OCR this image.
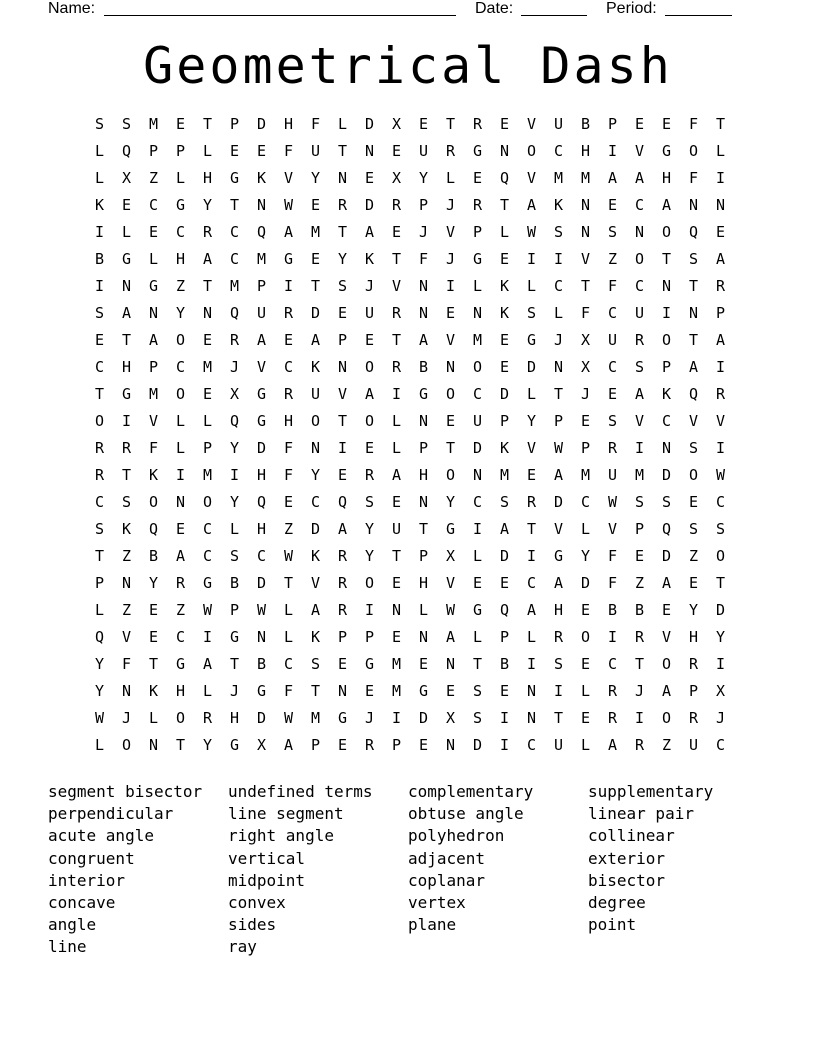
Name:	Date:	Period:
Geometrical Dash
S	S	M	E	T	P	D	H	F	L	D	X	E	T	R	E	V	U	B	P	E	E	F	T
L	Q	P	P	L	E	E	F	U	T	N	E	U	R	G	N	O	C	H	I	V	G	O	L
L	X	Z	L	H	G	K	V	Y	N	E	X	Y	L	E	Q	V	M	M	A	A	H	F	I
K	E	C	G	Y	T	N	W	E	R	D	R	P	J	R	T	A	K	N	E	C	A	N	N
I	L	E	C	R	C	Q	A	M	T	A	E	J	V	P	L	W	S	N	S	N	O	Q	E
B	G	L	H	A	C	M	G	E	Y	K	T	F	J	G	E	I	I	V	Z	O	T	S	A
I	N	G	Z	T	M	P	I	T	S	J	V	N	I	L	K	L	C	T	F	C	N	T	R
S	A	N	Y	N	Q	U	R	D	E	U	R	N	E	N	K	S	L	F	C	U	I	N	P
E	T	A	O	E	R	A	E	A	P	E	T	A	V	M	E	G	J	X	U	R	O	T	A
C	H	P	C	M	J	V	C	K	N	O	R	B	N	O	E	D	N	X	C	S	P	A	I
T	G	M	O	E	X	G	R	U	V	A	I	G	O	C	D	L	T	J	E	A	K	Q	R
O	I	V	L	L	Q	G	H	O	T	O	L	N	E	U	P	Y	P	E	S	V	C	V	V
R	R	F	L	P	Y	D	F	N	I	E	L	P	T	D	K	V	W	P	R	I	N	S	I
R	T	K	I	M	I	H	F	Y	E	R	A	H	O	N	M	E	A	M	U	M	D	O	W
C	S	O	N	O	Y	Q	E	C	Q	S	E	N	Y	C	S	R	D	C	W	S	S	E	C
S	K	Q	E	C	L	H	Z	D	A	Y	U	T	G	I	A	T	V	L	V	P	Q	S	S
T	Z	B	A	C	S	C	W	K	R	Y	T	P	X	L	D	I	G	Y	F	E	D	Z	O
P	N	Y	R	G	B	D	T	V	R	O	E	H	V	E	E	C	A	D	F	Z	A	E	T
L	Z	E	Z	W	P	W	L	A	R	I	N	L	W	G	Q	A	H	E	B	B	E	Y	D
Q	V	E	C	I	G	N	L	K	P	P	E	N	A	L	P	L	R	O	I	R	V	H	Y
Y	F	T	G	A	T	B	C	S	E	G	M	E	N	T	B	I	S	E	C	T	O	R	I
Y	N	K	H	L	J	G	F	T	N	E	M	G	E	S	E	N	I	L	R	J	A	P	X
W	J	L	O	R	H	D	W	M	G	J	I	D	X	S	I	N	T	E	R	I	O	R	J
L	O	N	T	Y	G	X	A	P	E	R	P	E	N	D	I	C	U	L	A	R	Z	U	C
segment bisector
perpendicular
acute angle
congruent
interior
concave
angle
line
undefined terms
line segment
right angle
vertical
midpoint
convex
sides
ray
complementary
obtuse angle
polyhedron
adjacent
coplanar
vertex
plane
supplementary
linear pair
collinear
exterior
bisector
degree
point
